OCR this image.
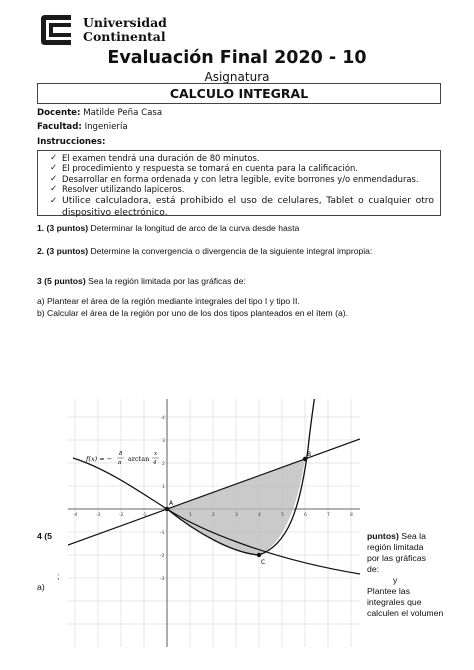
Universidad
Continental
Evaluación Final 2020 - 10
Asignatura
CALCULO INTEGRAL
Docente: Matilde Peña Casa
Facultad: Ingeniería
Instrucciones:
✓ El examen tendrá una duración de 80 minutos.
✓ El procedimiento y respuesta se tomará en cuenta para la calificación.
✓ Desarrollar en forma ordenada y con letra legible, evite borrones y/o enmendaduras.
✓ Resolver utilizando lapiceros.
✓ Utilice calculadora, está prohibido el uso de celulares, Tablet o cualquier otro dispositivo electrónico.
1. (3 puntos) Determinar la longitud de arco de la curva desde hasta
2. (3 puntos) Determine la convergencia o divergencia de la siguiente integral impropia:
3 (5 puntos) Sea la región limitada por las gráficas de:
a) Plantear el área de la región mediante integrales del tipo I y tipo II.
b) Calcular el área de la región por uno de los dos tipos planteados en el ítem (a).
A
B
C
f(x) = −
8
π arctan
x
4
-4	-3	-2	-1	1	2	3	4	5	6	7	8
4
3
2
1
-1
-2
-3
4 (5
;
a)
puntos) Sea la
región limitada
por las gráficas
de:
y
Plantee las
integrales que
calculen el volumen
